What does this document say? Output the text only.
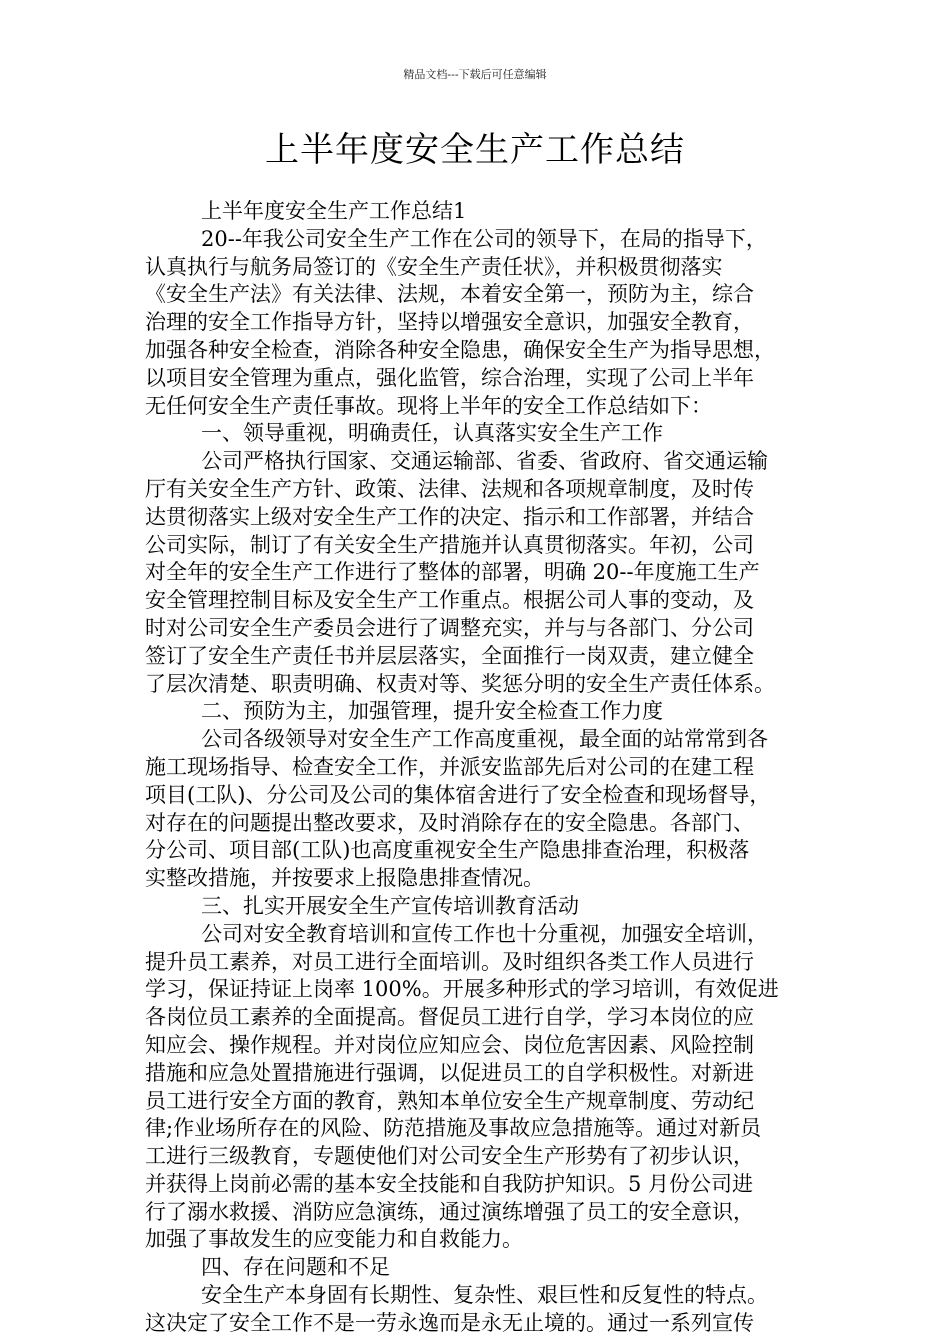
精品文档---下载后可任意编辑
上半年度安全生产工作总结
上半年度安全生产工作总结1
20--年我公司安全生产工作在公司的领导下，在局的指导下，
认真执行与航务局签订的《安全生产责任状》，并积极贯彻落实
《安全生产法》有关法律、法规，本着安全第一，预防为主，综合
治理的安全工作指导方针，坚持以增强安全意识，加强安全教育，
加强各种安全检查，消除各种安全隐患，确保安全生产为指导思想，
以项目安全管理为重点，强化监管，综合治理，实现了公司上半年
无任何安全生产责任事故。现将上半年的安全工作总结如下：
一、领导重视，明确责任，认真落实安全生产工作
公司严格执行国家、交通运输部、省委、省政府、省交通运输
厅有关安全生产方针、政策、法律、法规和各项规章制度，及时传
达贯彻落实上级对安全生产工作的决定、指示和工作部署，并结合
公司实际，制订了有关安全生产措施并认真贯彻落实。年初，公司
对全年的安全生产工作进行了整体的部署，明确 20--年度施工生产
安全管理控制目标及安全生产工作重点。根据公司人事的变动，及
时对公司安全生产委员会进行了调整充实，并与与各部门、分公司
签订了安全生产责任书并层层落实，全面推行一岗双责，建立健全
了层次清楚、职责明确、权责对等、奖惩分明的安全生产责任体系。
二、预防为主，加强管理，提升安全检查工作力度
公司各级领导对安全生产工作高度重视，最全面的站常常到各
施工现场指导、检查安全工作，并派安监部先后对公司的在建工程
项目(工队)、分公司及公司的集体宿舍进行了安全检查和现场督导，
对存在的问题提出整改要求，及时消除存在的安全隐患。各部门、
分公司、项目部(工队)也高度重视安全生产隐患排查治理，积极落
实整改措施，并按要求上报隐患排查情况。
三、扎实开展安全生产宣传培训教育活动
公司对安全教育培训和宣传工作也十分重视，加强安全培训，
提升员工素养，对员工进行全面培训。及时组织各类工作人员进行
学习，保证持证上岗率 100%。开展多种形式的学习培训，有效促进
各岗位员工素养的全面提高。督促员工进行自学，学习本岗位的应
知应会、操作规程。并对岗位应知应会、岗位危害因素、风险控制
措施和应急处置措施进行强调，以促进员工的自学积极性。对新进
员工进行安全方面的教育，熟知本单位安全生产规章制度、劳动纪
律;作业场所存在的风险、防范措施及事故应急措施等。通过对新员
工进行三级教育，专题使他们对公司安全生产形势有了初步认识，
并获得上岗前必需的基本安全技能和自我防护知识。5 月份公司进
行了溺水救援、消防应急演练，通过演练增强了员工的安全意识，
加强了事故发生的应变能力和自救能力。
四、存在问题和不足
安全生产本身固有长期性、复杂性、艰巨性和反复性的特点。
这决定了安全工作不是一劳永逸而是永无止境的。通过一系列宣传
